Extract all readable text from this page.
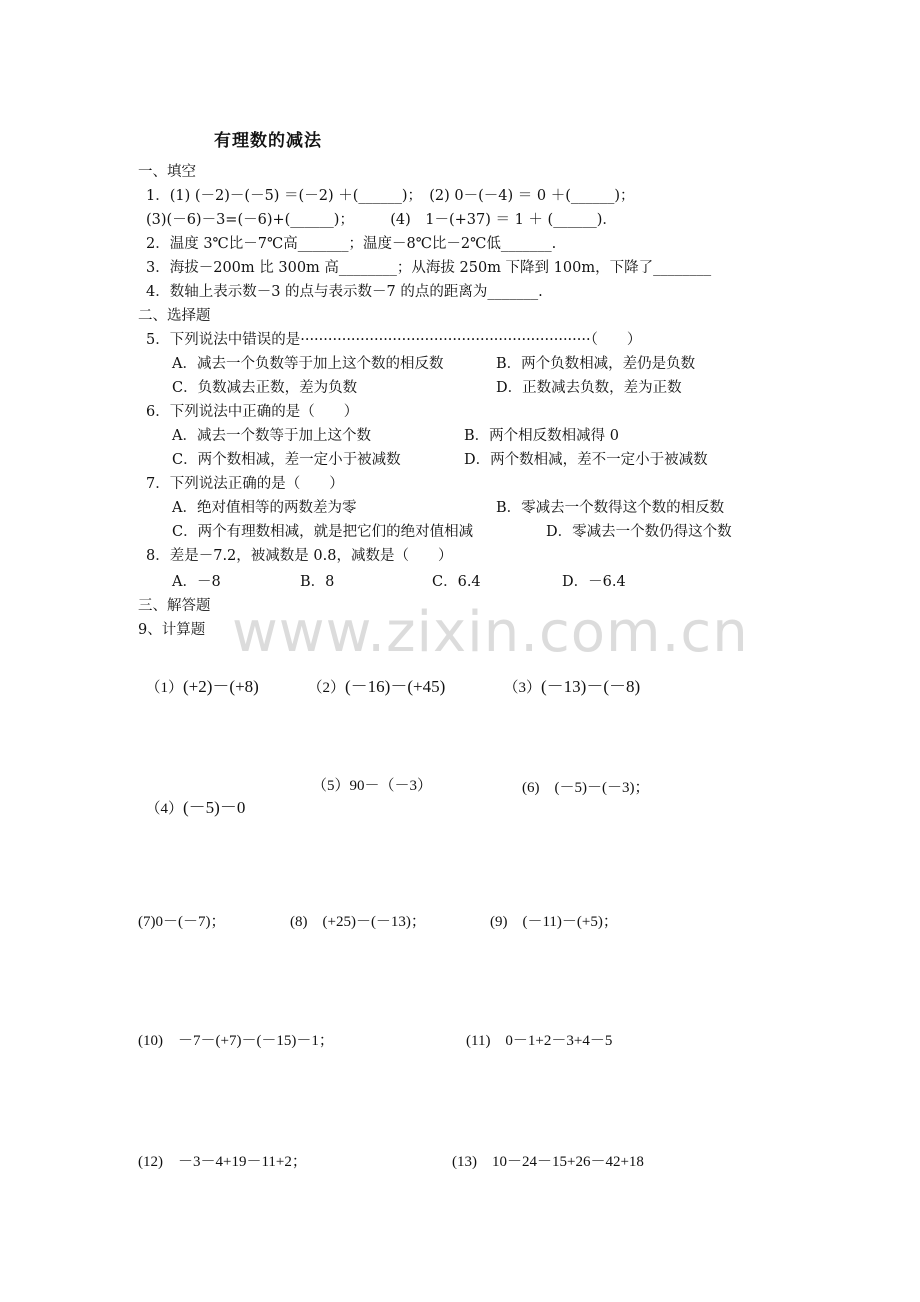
www.zixin.com.cn
有理数的减法
一、填空
1．(1) (－2)－(－5) ＝(－2) ＋(______)；　(2) 0－(－4) ＝ 0 ＋(______)；
(3)(－6)－3=(－6)+(______)；　　　(4)　1－(+37) ＝ 1 ＋ (______)．
2．温度 3℃比－7℃高_______；温度－8℃比－2℃低_______.
3．海拔－200m 比 300m 高________；从海拔 250m 下降到 100m，下降了________
4．数轴上表示数－3 的点与表示数－7 的点的距离为_______.
二、选择题
5．下列说法中错误的是·······························································（　　）
A．减去一个负数等于加上这个数的相反数	B．两个负数相减，差仍是负数
C．负数减去正数，差为负数	D．正数减去负数，差为正数
6．下列说法中正确的是（　　）
A．减去一个数等于加上这个数	B．两个相反数相减得 0
C．两个数相减，差一定小于被减数	D．两个数相减，差不一定小于被减数
7．下列说法正确的是（　　）
A．绝对值相等的两数差为零	B．零减去一个数得这个数的相反数
C．两个有理数相减，就是把它们的绝对值相减	D．零减去一个数仍得这个数
8．差是－7.2，被减数是 0.8，减数是（　　）
A．－8	B．8	C．6.4	D．－6.4
三、解答题
9、计算题

（1）(+2)－(+8)	（2）(－16)－(+45)	（3）(－13)－(－8)

（4）(－5)－0

（5）90－（－3）	(6)　(－5)－(－3)；
(7)0－(－7)；	(8)　(+25)－(－13)；	(9)　(－11)－(+5)；
(10)　－7－(+7)－(－15)－1；	(11)　0－1+2－3+4－5
(12)　－3－4+19－11+2；	(13)　10－24－15+26－42+18
